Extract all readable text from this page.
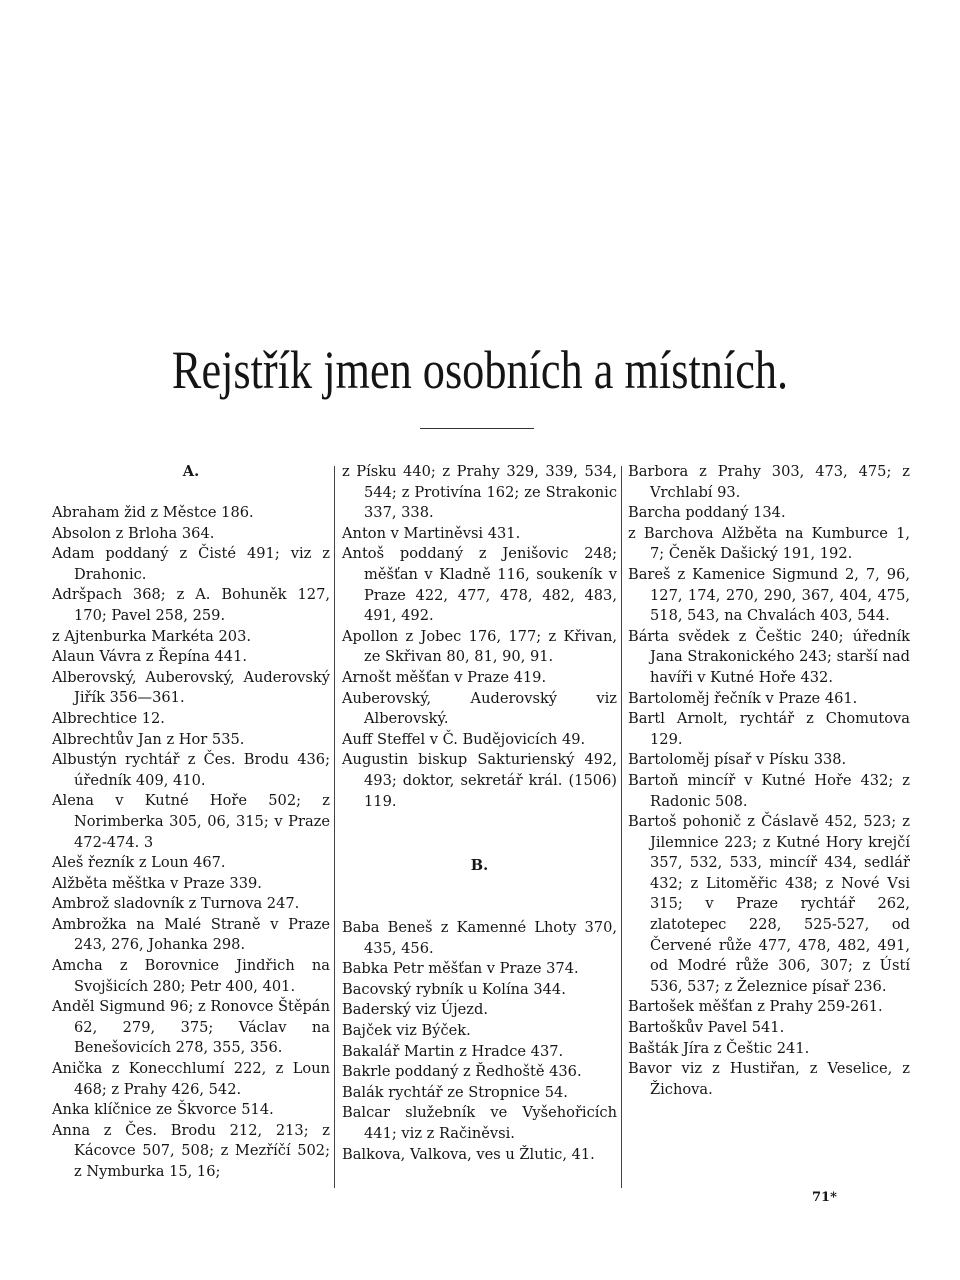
Rejstřík jmen osobních a místních.

A.

Abraham žid z Městce 186.

Absolon z Brloha 364.

Adam poddaný z Čisté 491; viz z Drahonic.

Adršpach 368; z A. Bohuněk 127, 170; Pavel 258, 259.

z Ajtenburka Markéta 203.

Alaun Vávra z Řepína 441.

Alberovský, Auberovský, Auderovský Jiřík 356—361.

Albrechtice 12.

Albrechtův Jan z Hor 535.

Albustýn rychtář z Čes. Brodu 436; úředník 409, 410.

Alena v Kutné Hoře 502; z Norimberka 305, 06, 315; v Praze 472-474. 3

Aleš řezník z Loun 467.

Alžběta měštka v Praze 339.

Ambrož sladovník z Turnova 247.

Ambrožka na Malé Straně v Praze 243, 276, Johanka 298.

Amcha z Borovnice Jindřich na Svojšicích 280; Petr 400, 401.

Anděl Sigmund 96; z Ronovce Štěpán 62, 279, 375; Václav na Benešovicích 278, 355, 356.

Anička z Konecchlumí 222, z Loun 468; z Prahy 426, 542.

Anka klíčnice ze Škvorce 514.

Anna z Čes. Brodu 212, 213; z Kácovce 507, 508; z Mezříčí 502; z Nymburka 15, 16;

z Písku 440; z Prahy 329, 339, 534, 544; z Protivína 162; ze Strakonic 337, 338.

Anton v Martiněvsi 431.

Antoš poddaný z Jenišovic 248; měšťan v Kladně 116, soukeník v Praze 422, 477, 478, 482, 483, 491, 492.

Apollon z Jobec 176, 177; z Křivan, ze Skřivan 80, 81, 90, 91.

Arnošt měšťan v Praze 419.

Auberovský, Auderovský viz Alberovský.

Auff Steffel v Č. Budějovicích 49.

Augustin biskup Sakturienský 492, 493; doktor, sekretář král. (1506) 119.

B.

Baba Beneš z Kamenné Lhoty 370, 435, 456.

Babka Petr měšťan v Praze 374.

Bacovský rybník u Kolína 344.

Baderský viz Újezd.

Bajček viz Býček.

Bakalář Martin z Hradce 437.

Bakrle poddaný z Ředhoště 436.

Balák rychtář ze Stropnice 54.

Balcar služebník ve Vyšehořicích 441; viz z Račiněvsi.

Balkova, Valkova, ves u Žlutic, 41.

Barbora z Prahy 303, 473, 475; z Vrchlabí 93.

Barcha poddaný 134.

z Barchova Alžběta na Kumburce 1, 7; Čeněk Dašický 191, 192.

Bareš z Kamenice Sigmund 2, 7, 96, 127, 174, 270, 290, 367, 404, 475, 518, 543, na Chvalách 403, 544.

Bárta svědek z Češtic 240; úředník Jana Strakonického 243; starší nad havíři v Kutné Hoře 432.

Bartoloměj řečník v Praze 461.

Bartl Arnolt, rychtář z Chomutova 129.

Bartoloměj písař v Písku 338.

Bartoň mincíř v Kutné Hoře 432; z Radonic 508.

Bartoš pohonič z Čáslavě 452, 523; z Jilemnice 223; z Kutné Hory krejčí 357, 532, 533, mincíř 434, sedlář 432; z Litoměřic 438; z Nové Vsi 315; v Praze rychtář 262, zlatotepec 228, 525-527, od Červené růže 477, 478, 482, 491, od Modré růže 306, 307; z Ústí 536, 537; z Železnice písař 236.

Bartošek měšťan z Prahy 259-261.

Bartoškův Pavel 541.

Bašták Jíra z Češtic 241.

Bavor viz z Hustiřan, z Veselice, z Žichova.

71*
